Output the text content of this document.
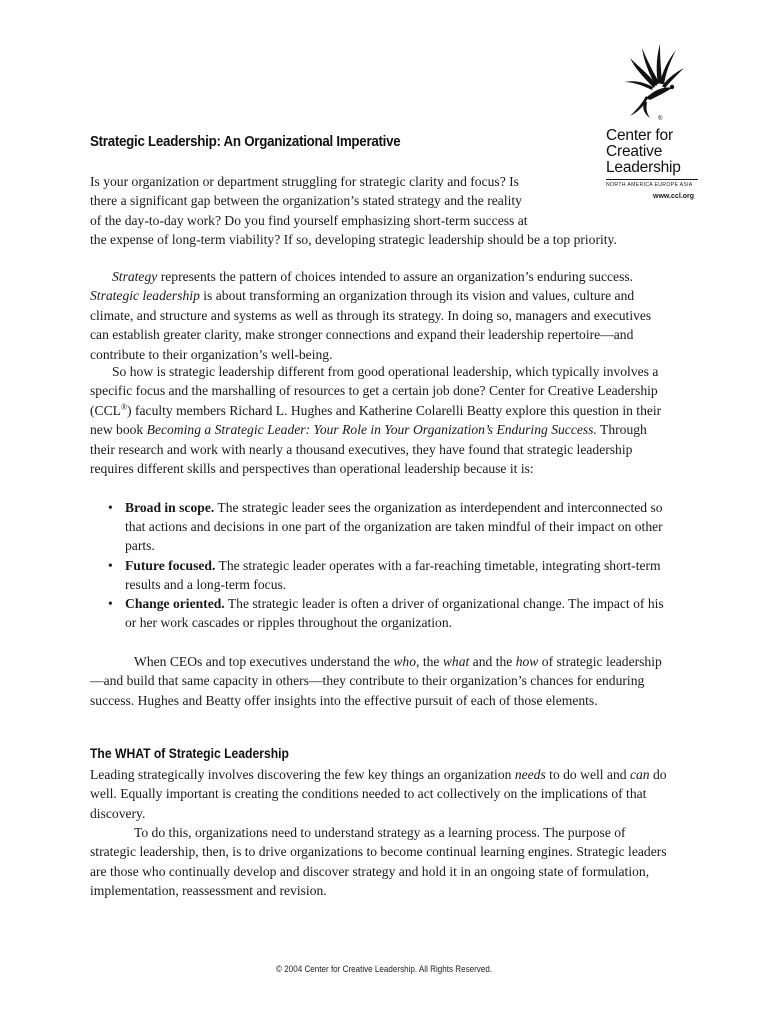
®
Center for
Creative
Leadership
NORTH AMERICA EUROPE ASIA
www.ccl.org
Strategic Leadership: An Organizational Imperative
Is your organization or department struggling for strategic clarity and focus? Is
there a significant gap between the organization’s stated strategy and the reality
of the day-to-day work? Do you find yourself emphasizing short-term success at
the expense of long-term viability? If so, developing strategic leadership should be a top priority.

Strategy represents the pattern of choices intended to assure an organization’s enduring success. Strategic leadership is about transforming an organization through its vision and values, culture and climate, and structure and systems as well as through its strategy. In doing so, managers and executives can establish greater clarity, make stronger connections and expand their leadership repertoire—and contribute to their organization’s well-being.

So how is strategic leadership different from good operational leadership, which typically involves a specific focus and the marshalling of resources to get a certain job done? Center for Creative Leadership (CCL®) faculty members Richard L. Hughes and Katherine Colarelli Beatty explore this question in their new book Becoming a Strategic Leader: Your Role in Your Organization’s Enduring Success. Through their research and work with nearly a thousand executives, they have found that strategic leadership requires different skills and perspectives than operational leadership because it is:

• Broad in scope. The strategic leader sees the organization as interdependent and interconnected so that actions and decisions in one part of the organization are taken mindful of their impact on other parts.
• Future focused. The strategic leader operates with a far-reaching timetable, integrating short-term results and a long-term focus.
• Change oriented. The strategic leader is often a driver of organizational change. The impact of his or her work cascades or ripples throughout the organization.

When CEOs and top executives understand the who, the what and the how of strategic leadership—and build that same capacity in others—they contribute to their organization’s chances for enduring success. Hughes and Beatty offer insights into the effective pursuit of each of those elements.

The WHAT of Strategic Leadership

Leading strategically involves discovering the few key things an organization needs to do well and can do well. Equally important is creating the conditions needed to act collectively on the implications of that discovery.

To do this, organizations need to understand strategy as a learning process. The purpose of strategic leadership, then, is to drive organizations to become continual learning engines. Strategic leaders are those who continually develop and discover strategy and hold it in an ongoing state of formulation, implementation, reassessment and revision.

© 2004 Center for Creative Leadership. All Rights Reserved.
